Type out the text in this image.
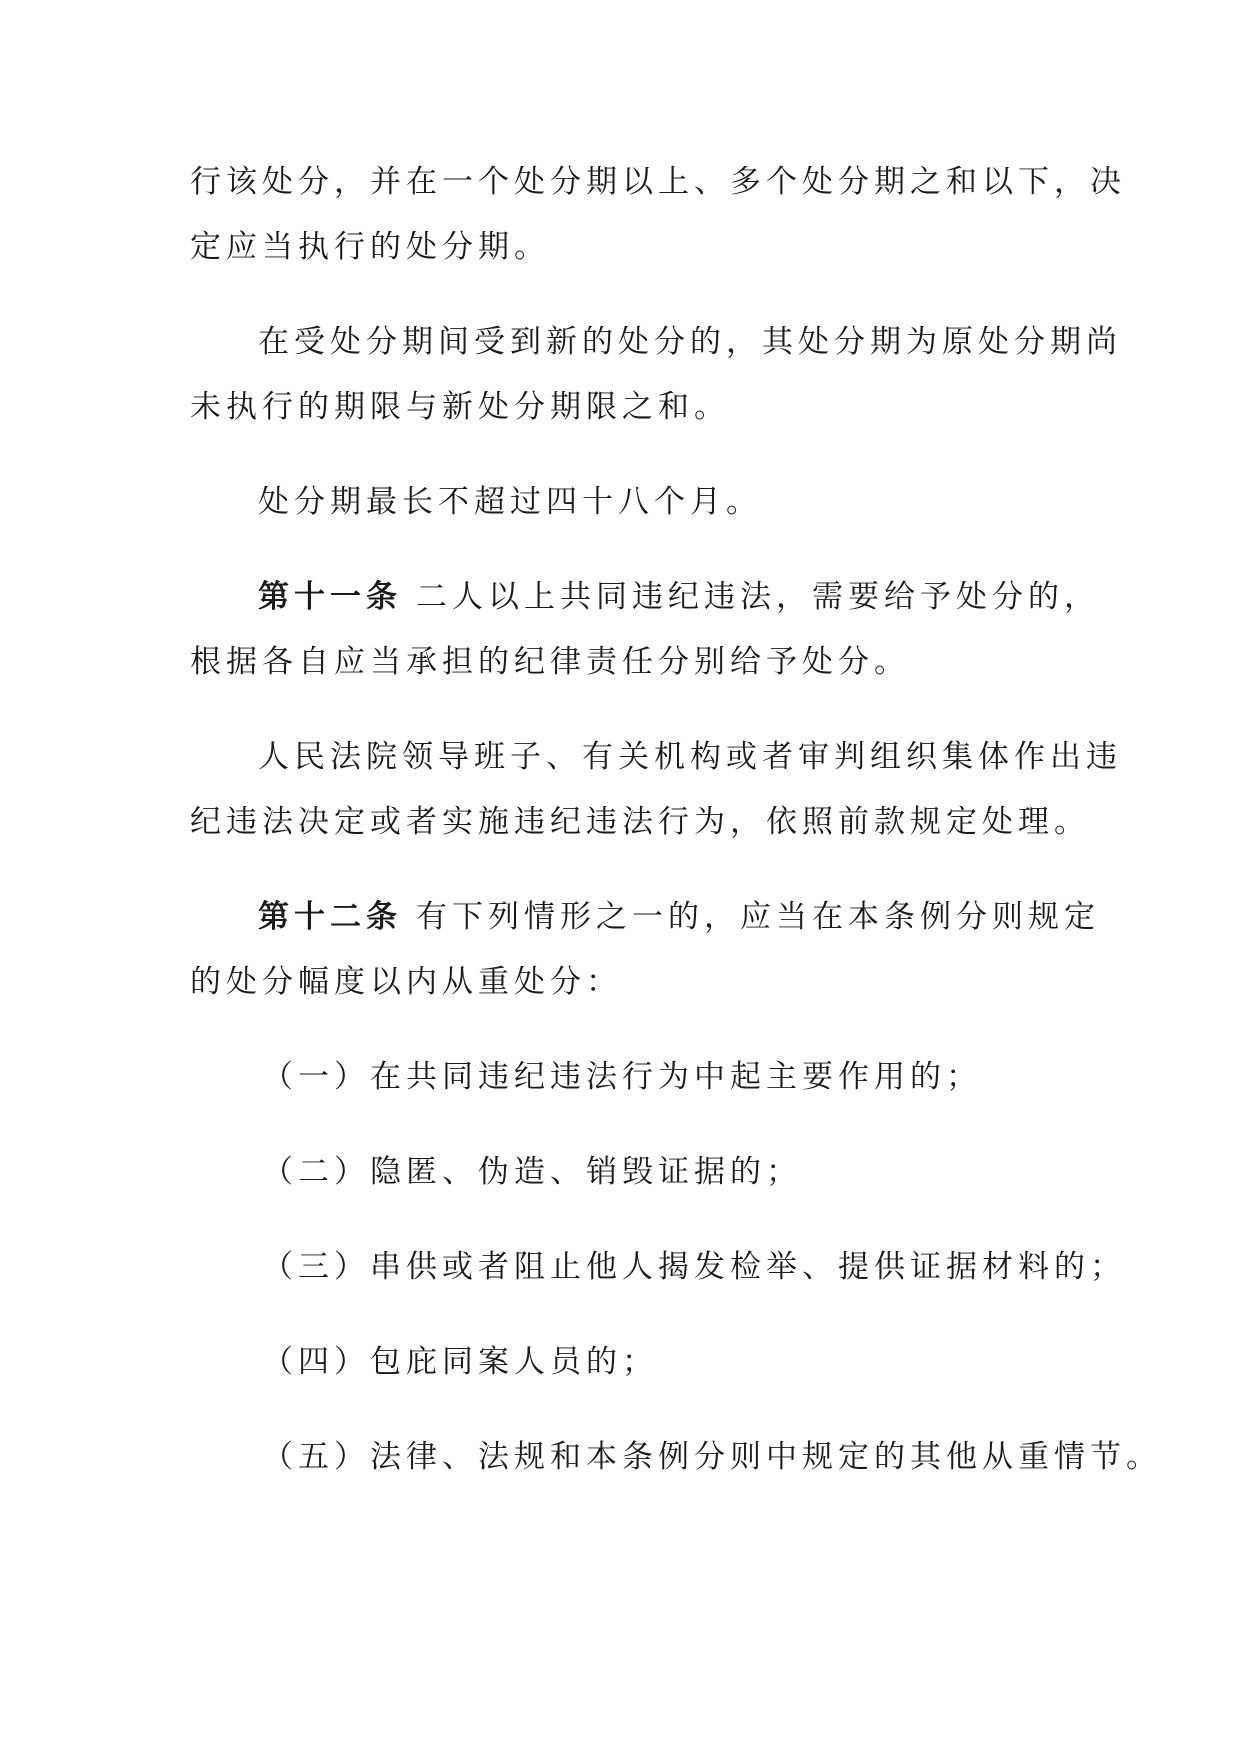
行该处分，并在一个处分期以上、多个处分期之和以下，决
定应当执行的处分期。
在受处分期间受到新的处分的，其处分期为原处分期尚
未执行的期限与新处分期限之和。
处分期最长不超过四十八个月。
第十一条 二人以上共同违纪违法，需要给予处分的，
根据各自应当承担的纪律责任分别给予处分。
人民法院领导班子、有关机构或者审判组织集体作出违
纪违法决定或者实施违纪违法行为，依照前款规定处理。
第十二条 有下列情形之一的，应当在本条例分则规定
的处分幅度以内从重处分：
（一）在共同违纪违法行为中起主要作用的；
（二）隐匿、伪造、销毁证据的；
（三）串供或者阻止他人揭发检举、提供证据材料的；
（四）包庇同案人员的；
（五）法律、法规和本条例分则中规定的其他从重情节。
